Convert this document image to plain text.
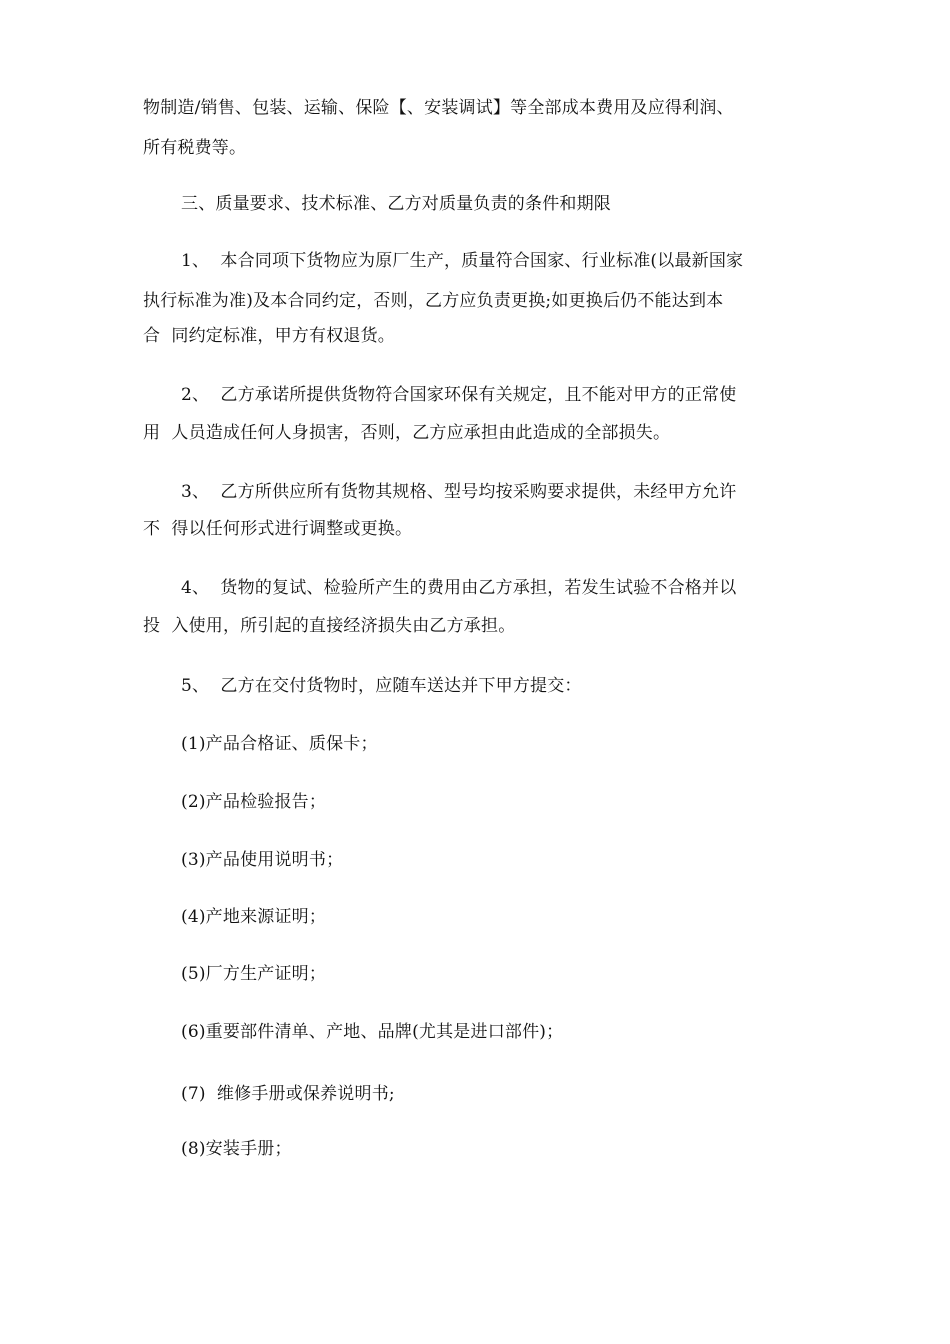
物制造/销售、包装、运输、保险【、安装调试】等全部成本费用及应得利润、
所有税费等。
三、质量要求、技术标准、乙方对质量负责的条件和期限
1、  本合同项下货物应为原厂生产，质量符合国家、行业标准(以最新国家
执行标准为准)及本合同约定，否则，乙方应负责更换;如更换后仍不能达到本
合  同约定标准，甲方有权退货。
2、  乙方承诺所提供货物符合国家环保有关规定，且不能对甲方的正常使
用  人员造成任何人身损害，否则，乙方应承担由此造成的全部损失。
3、  乙方所供应所有货物其规格、型号均按采购要求提供，未经甲方允许
不  得以任何形式进行调整或更换。
4、  货物的复试、检验所产生的费用由乙方承担，若发生试验不合格并以
投  入使用，所引起的直接经济损失由乙方承担。
5、  乙方在交付货物时，应随车送达并下甲方提交：
(1)产品合格证、质保卡；
(2)产品检验报告；
(3)产品使用说明书；
(4)产地来源证明；
(5)厂方生产证明；
(6)重要部件清单、产地、品牌(尤其是进口部件)；
(7)  维修手册或保养说明书;
(8)安装手册；
